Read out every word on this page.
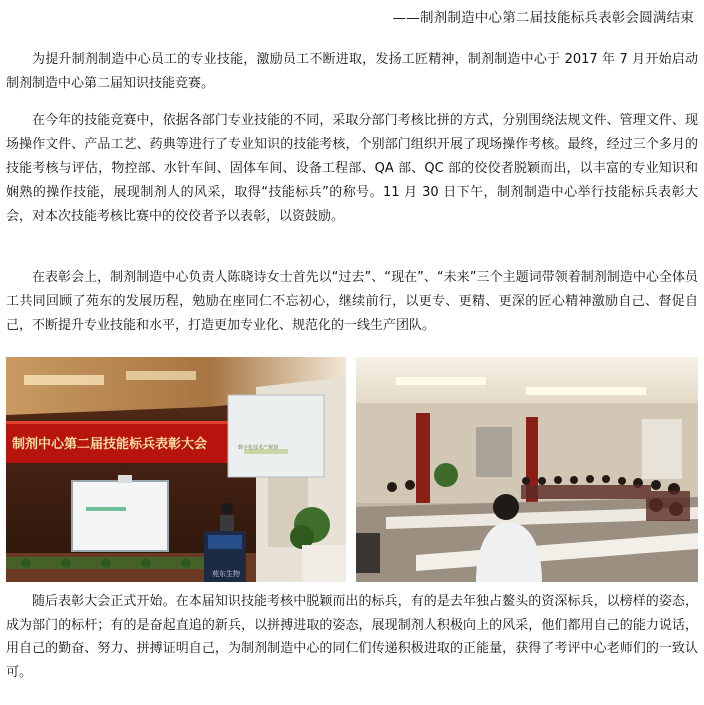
——制剂制造中心第二届技能标兵表彰会圆满结束

为提升制剂制造中心员工的专业技能，激励员工不断进取，发扬工匠精神，制剂制造中心于 2017 年 7 月开始启动制剂制造中心第二届知识技能竞赛。

在今年的技能竞赛中，依据各部门专业技能的不同，采取分部门考核比拼的方式，分别围绕法规文件、管理文件、现场操作文件、产品工艺、药典等进行了专业知识的技能考核，个别部门组织开展了现场操作考核。最终，经过三个多月的技能考核与评估，物控部、水针车间、固体车间、设备工程部、QA 部、QC 部的佼佼者脱颖而出，以丰富的专业知识和娴熟的操作技能，展现制剂人的风采，取得“技能标兵”的称号。11 月 30 日下午，制剂制造中心举行技能标兵表彰大会，对本次技能考核比赛中的佼佼者予以表彰，以资鼓励。

在表彰会上，制剂制造中心负责人陈晓诗女士首先以“过去”、“现在”、“未来”三个主题词带领着制剂制造中心全体员工共同回顾了苑东的发展历程，勉励在座同仁不忘初心，继续前行，以更专、更精、更深的匠心精神激励自己、督促自己，不断提升专业技能和水平，打造更加专业化、规范化的一线生产团队。

制剂中心第二届技能标兵表彰大会	数字化技术产规划
苑东生物

随后表彰大会正式开始。在本届知识技能考核中脱颖而出的标兵，有的是去年独占鳌头的资深标兵，以榜样的姿态，成为部门的标杆；有的是奋起直追的新兵，以拼搏进取的姿态，展现制剂人积极向上的风采，他们都用自己的能力说话，用自己的勤奋、努力、拼搏证明自己，为制剂制造中心的同仁们传递积极进取的正能量，获得了考评中心老师们的一致认可。
